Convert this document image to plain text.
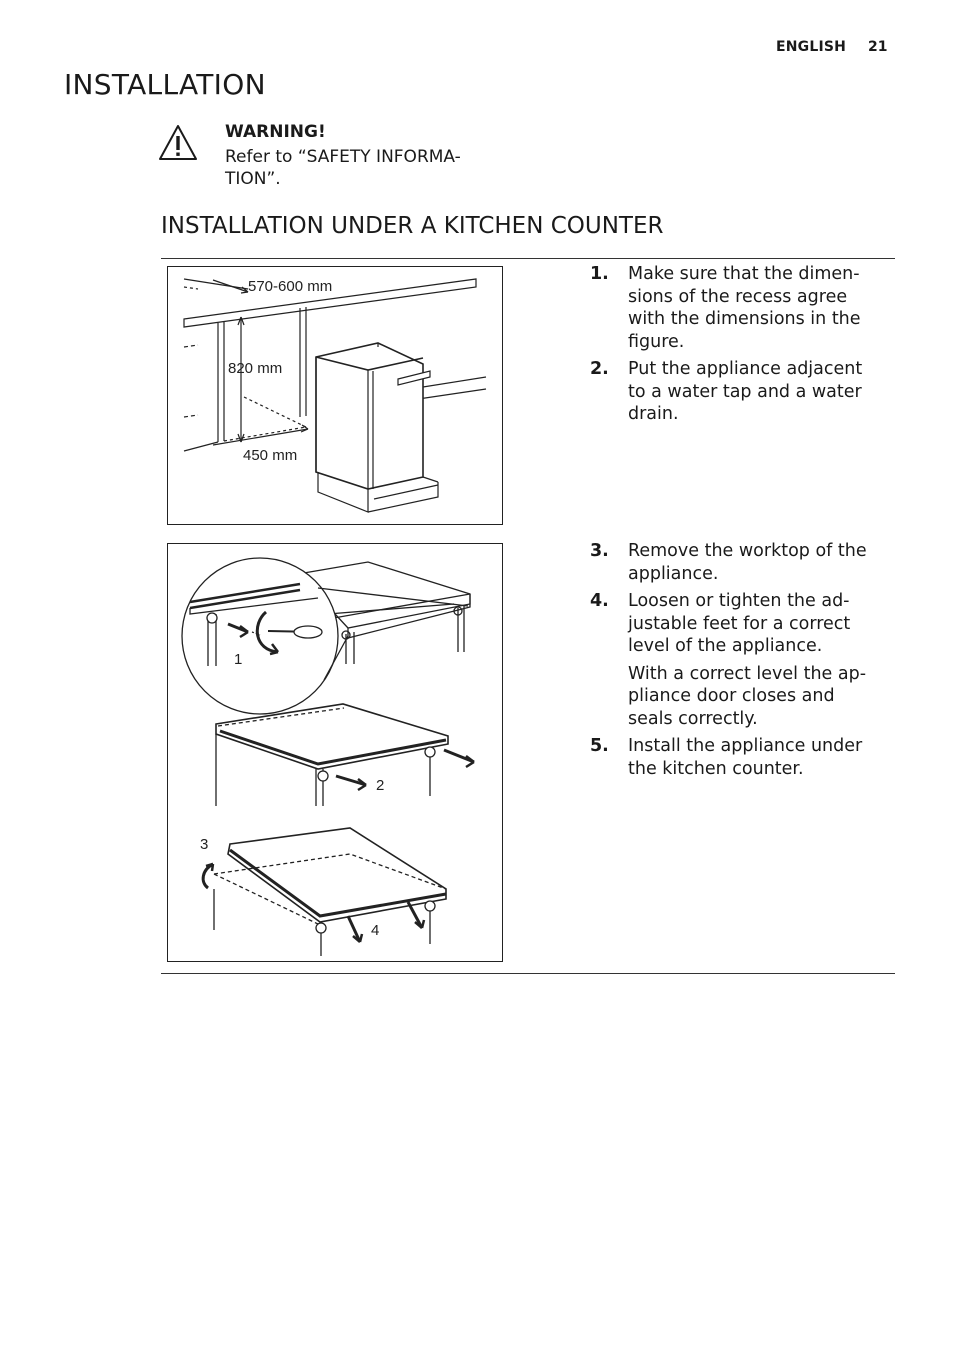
ENGLISH 21
INSTALLATION
WARNING!
Refer to “SAFETY INFORMA- TION”.
INSTALLATION UNDER A KITCHEN COUNTER
570-600 mm
820 mm
450 mm
1
2
3
4
1. Make sure that the dimen- sions of the recess agree with the dimensions in the figure.
2. Put the appliance adjacent to a water tap and a water drain.
3. Remove the worktop of the appliance.
4. Loosen or tighten the ad- justable feet for a correct level of the appliance.
With a correct level the ap- pliance door closes and seals correctly.
5. Install the appliance under the kitchen counter.
